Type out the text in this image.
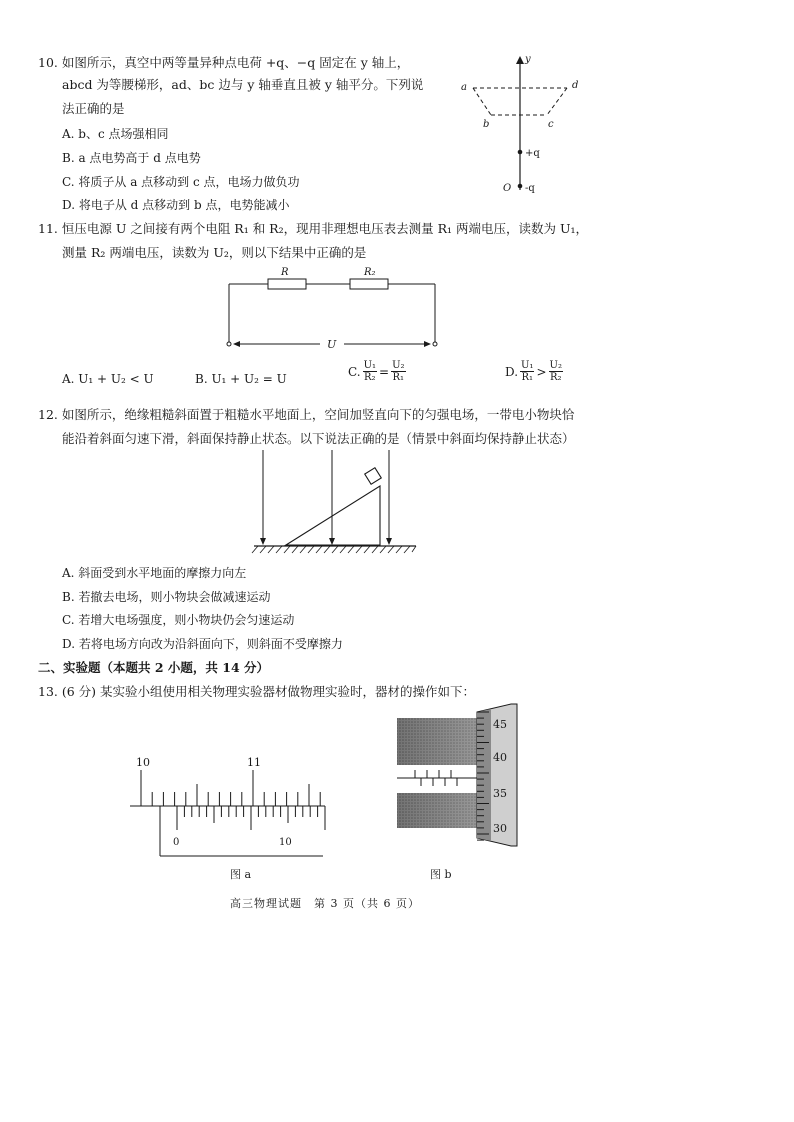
10. 如图所示，真空中两等量异种点电荷 +q、−q 固定在 y 轴上，
abcd 为等腰梯形，ad、bc 边与 y 轴垂直且被 y 轴平分。下列说
法正确的是
A. b、c 点场强相同
B. a 点电势高于 d 点电势
C. 将质子从 a 点移动到 c 点，电场力做负功
D. 将电子从 d 点移动到 b 点，电势能减小
y
a	d
b	c
+q
O -q
11. 恒压电源 U 之间接有两个电阻 R₁ 和 R₂，现用非理想电压表去测量 R₁ 两端电压，读数为 U₁，
测量 R₂ 两端电压，读数为 U₂，则以下结果中正确的是
R	R₂
U
A. U₁ + U₂ < U	B. U₁ + U₂ = U
C. $\frac{\text{U₁}}{\text{R₂}} = \frac{\text{U₂}}{\text{R₁}}$	D. $\frac{\text{U₁}}{\text{R₁}} > \frac{\text{U₂}}{\text{R₂}}$
12. 如图所示，绝缘粗糙斜面置于粗糙水平地面上，空间加竖直向下的匀强电场，一带电小物块恰
能沿着斜面匀速下滑，斜面保持静止状态。以下说法正确的是（情景中斜面均保持静止状态）
A. 斜面受到水平地面的摩擦力向左
B. 若撤去电场，则小物块会做减速运动
C. 若增大电场强度，则小物块仍会匀速运动
D. 若将电场方向改为沿斜面向下，则斜面不受摩擦力
二、实验题（本题共 2 小题，共 14 分）
13. (6 分) 某实验小组使用相关物理实验器材做物理实验时，器材的操作如下：
10	11
0	10
图 a
45
40
35
30
图 b
高三物理试题　第 3 页（共 6 页）
